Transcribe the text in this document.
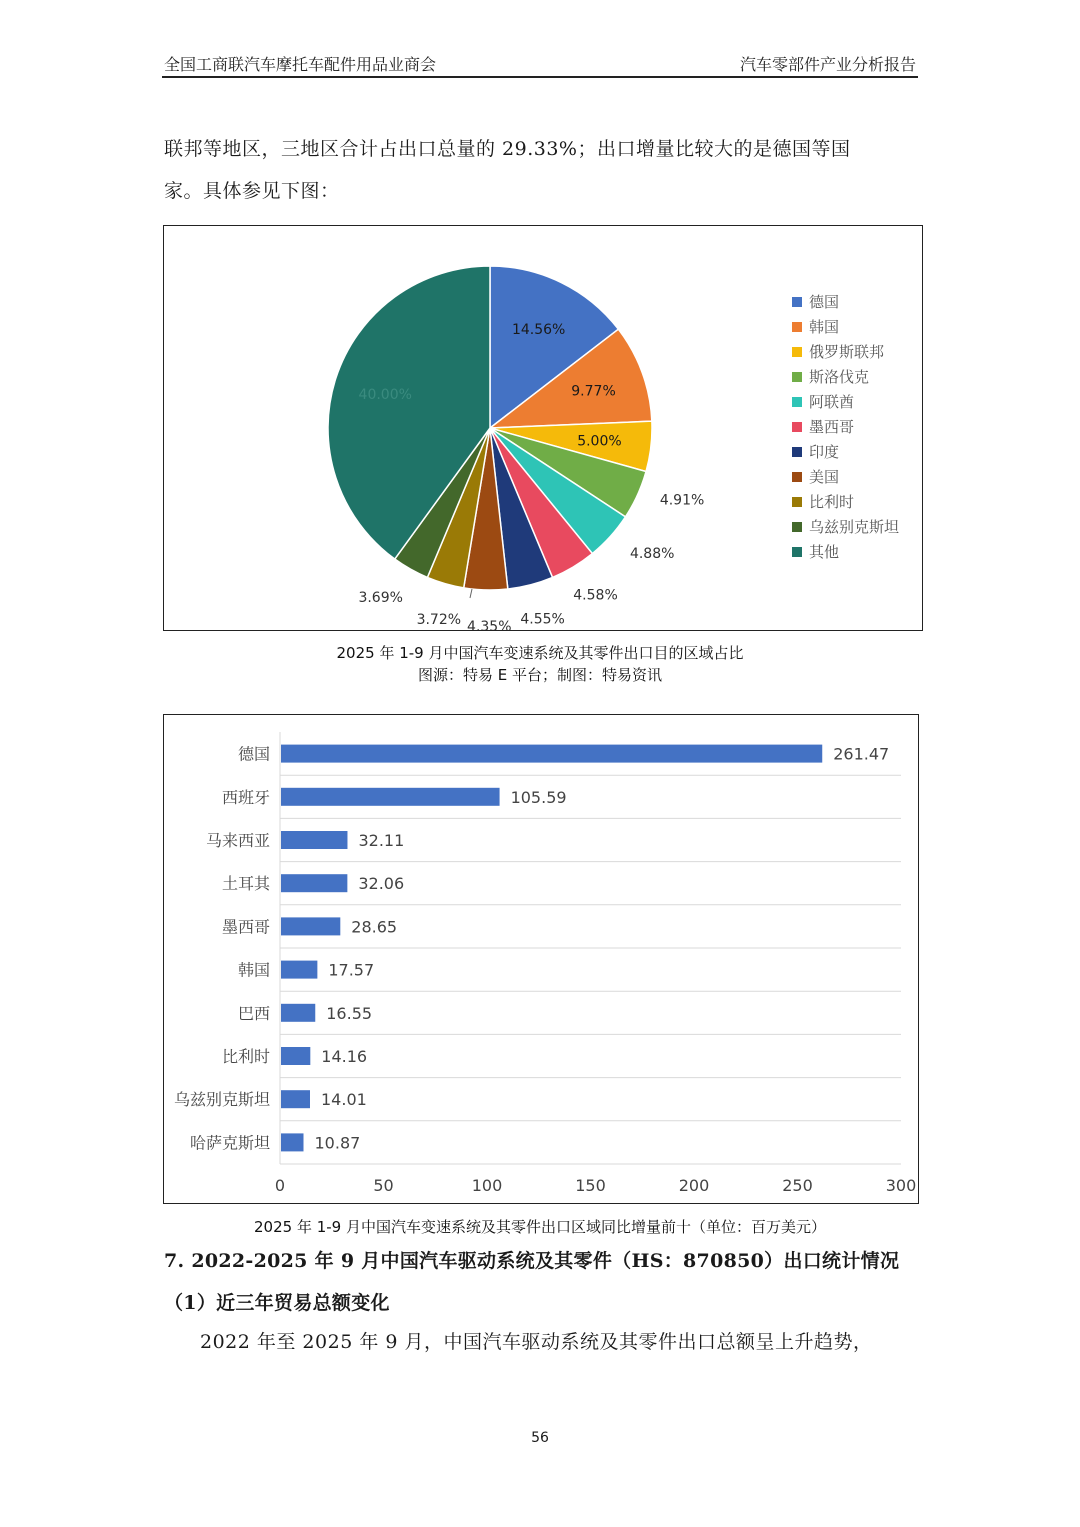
全国工商联汽车摩托车配件用品业商会	汽车零部件产业分析报告
联邦等地区，三地区合计占出口总量的 29.33%；出口增量比较大的是德国等国
家。具体参见下图：
14.56%
9.77%
5.00%
4.91%
4.88%
4.58%
4.55%
4.35%
3.72%
3.69%
40.00%
德国
韩国
俄罗斯联邦
斯洛伐克
阿联酋
墨西哥
印度
美国
比利时
乌兹别克斯坦
其他
2025 年 1-9 月中国汽车变速系统及其零件出口目的区域占比
图源：特易 E 平台；制图：特易资讯
德国	261.47
西班牙	105.59
马来西亚	32.11
土耳其	32.06
墨西哥	28.65
韩国	17.57
巴西	16.55
比利时	14.16
乌兹别克斯坦	14.01
哈萨克斯坦	10.87
0	50	100	150	200	250	300
2025 年 1-9 月中国汽车变速系统及其零件出口区域同比增量前十（单位：百万美元）
7. 2022-2025 年 9 月中国汽车驱动系统及其零件（HS：870850）出口统计情况
（1）近三年贸易总额变化
2022 年至 2025 年 9 月，中国汽车驱动系统及其零件出口总额呈上升趋势，
56
